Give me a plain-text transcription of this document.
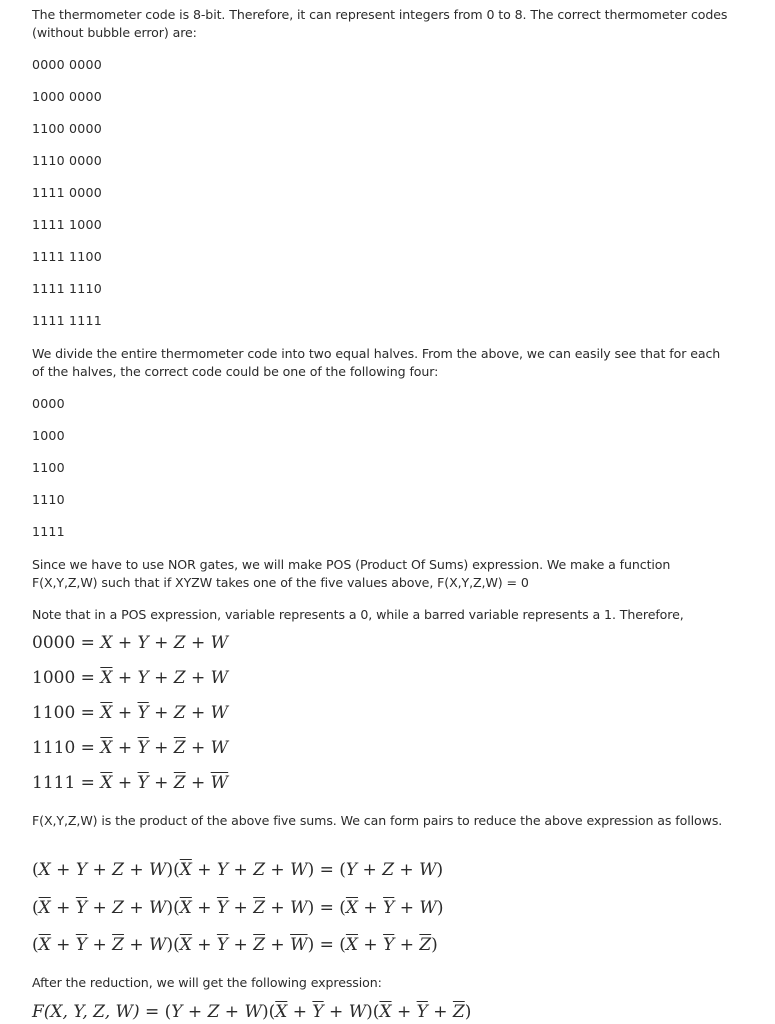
The thermometer code is 8-bit. Therefore, it can represent integers from 0 to 8. The correct thermometer codes (without bubble error) are:

0000 0000

1000 0000

1100 0000

1110 0000

1111 0000

1111 1000

1111 1100

1111 1110

1111 1111

We divide the entire thermometer code into two equal halves. From the above, we can easily see that for each of the halves, the correct code could be one of the following four:

0000

1000

1100

1110

1111

Since we have to use NOR gates, we will make POS (Product Of Sums) expression. We make a function F(X,Y,Z,W) such that if XYZW takes one of the five values above, F(X,Y,Z,W) = 0

Note that in a POS expression, variable represents a 0, while a barred variable represents a 1. Therefore,

0000 = X + Y + Z + W
$1000 = \overline{X} + Y + Z + W$
$1100 = \overline{X} + \overline{Y} + Z + W$
$1110 = \overline{X} + \overline{Y} + \overline{Z} + W$
$1111 = \overline{X} + \overline{Y} + \overline{Z} + \overline{W}$

F(X,Y,Z,W) is the product of the above five sums. We can form pairs to reduce the above expression as follows.

$(X + Y + Z + W)(\overline{X} + Y + Z + W) = (Y + Z + W)$
$(\overline{X} + \overline{Y} + Z + W)(\overline{X} + \overline{Y} + \overline{Z} + W) = (\overline{X} + \overline{Y} + W)$
$(\overline{X} + \overline{Y} + \overline{Z} + W)(\overline{X} + \overline{Y} + \overline{Z} + \overline{W}) = (\overline{X} + \overline{Y} + \overline{Z})$

After the reduction, we will get the following expression:

F(X, Y, Z, $W) = (Y + Z + W)(\overline{X} + \overline{Y} + W)(\overline{X} + \overline{Y} + \overline{Z})$
